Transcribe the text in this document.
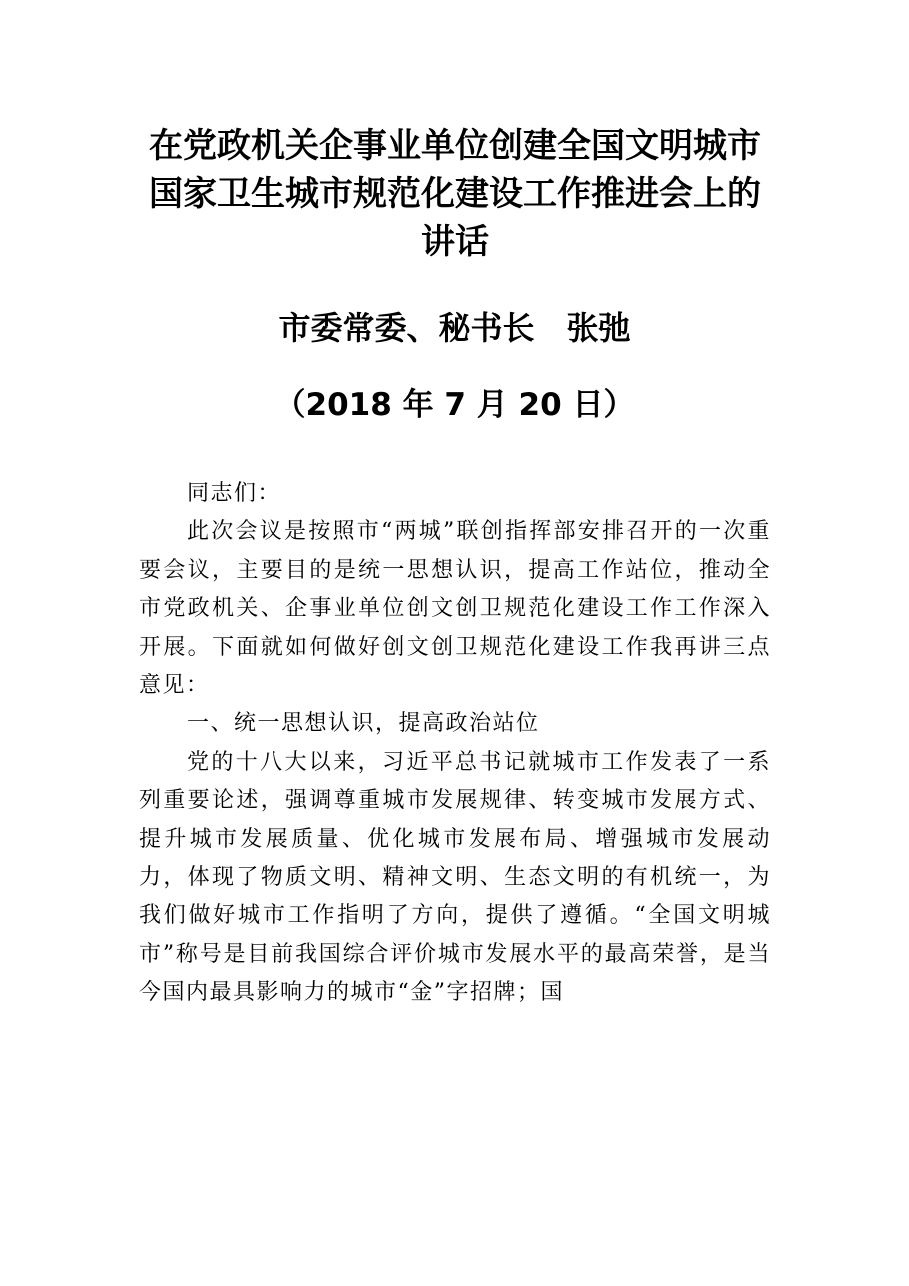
在党政机关企事业单位创建全国文明城市
国家卫生城市规范化建设工作推进会上的
讲话
市委常委、秘书长　张弛
（2018 年 7 月 20 日）

同志们：

此次会议是按照市“两城”联创指挥部安排召开的一次重要会议，主要目的是统一思想认识，提高工作站位，推动全市党政机关、企事业单位创文创卫规范化建设工作工作深入开展。下面就如何做好创文创卫规范化建设工作我再讲三点意见：

一、统一思想认识，提高政治站位

党的十八大以来，习近平总书记就城市工作发表了一系列重要论述，强调尊重城市发展规律、转变城市发展方式、提升城市发展质量、优化城市发展布局、增强城市发展动力，体现了物质文明、精神文明、生态文明的有机统一，为我们做好城市工作指明了方向，提供了遵循。“全国文明城市”称号是目前我国综合评价城市发展水平的最高荣誉，是当今国内最具影响力的城市“金”字招牌；国
